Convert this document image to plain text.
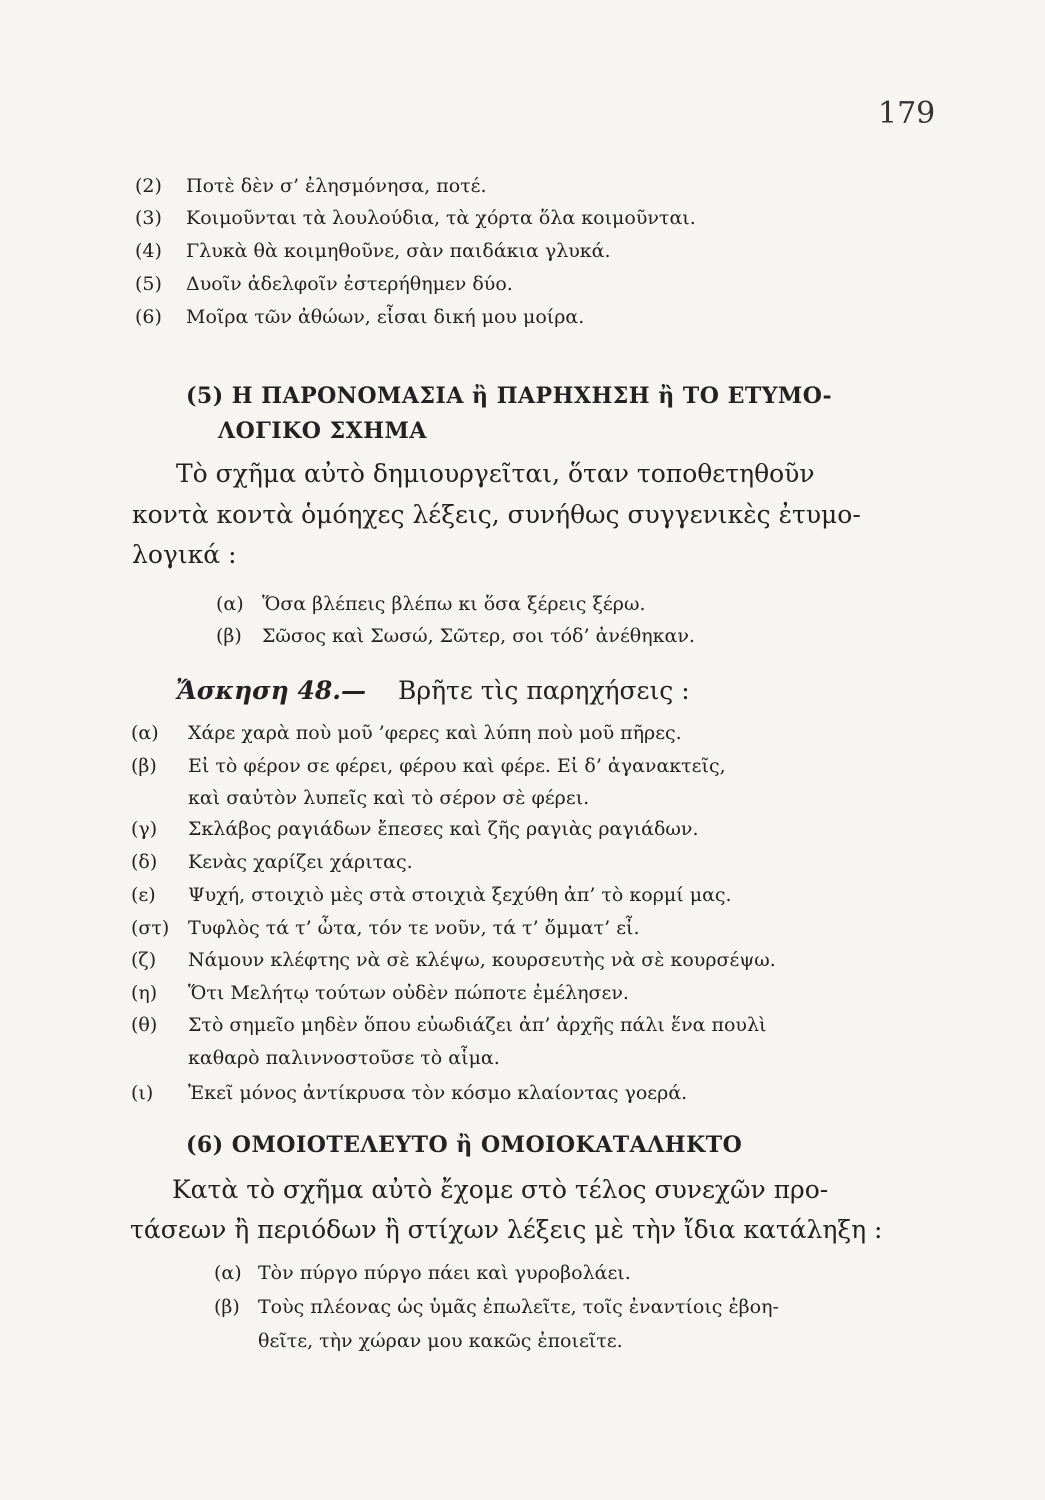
179
(2) Ποτὲ δὲν σ’ ἐλησμόνησα, ποτέ.
(3) Κοιμοῦνται τὰ λουλούδια, τὰ χόρτα ὅλα κοιμοῦνται.
(4) Γλυκὰ θὰ κοιμηθοῦνε, σὰν παιδάκια γλυκά.
(5) Δυοῖν ἀδελφοῖν ἐστερήθημεν δύο.
(6) Μοῖρα τῶν ἀθώων, εἶσαι δική μου μοίρα.
(5) Η ΠΑΡΟΝΟΜΑΣΙΑ ἢ ΠΑΡΗΧΗΣΗ ἢ ΤΟ ΕΤΥΜΟ-
ΛΟΓΙΚΟ ΣΧΗΜΑ
Τὸ σχῆμα αὐτὸ δημιουργεῖται, ὅταν τοποθετηθοῦν
κοντὰ κοντὰ ὁμόηχες λέξεις, συνήθως συγγενικὲς ἐτυμο-
λογικά :
(α) Ὅσα βλέπεις βλέπω κι ὅσα ξέρεις ξέρω.
(β) Σῶσος καὶ Σωσώ, Σῶτερ, σοι τόδ’ ἀνέθηκαν.
Ἄσκηση 48.— Βρῆτε τὶς παρηχήσεις :
(α) Χάρε χαρὰ ποὺ μοῦ ’φερες καὶ λύπη ποὺ μοῦ πῆρες.
(β) Εἰ τὸ φέρον σε φέρει, φέρου καὶ φέρε. Εἰ δ’ ἀγανακτεῖς,
καὶ σαὐτὸν λυπεῖς καὶ τὸ σέρον σὲ φέρει.
(γ) Σκλάβος ραγιάδων ἔπεσες καὶ ζῆς ραγιὰς ραγιάδων.
(δ) Κενὰς χαρίζει χάριτας.
(ε) Ψυχή, στοιχιὸ μὲς στὰ στοιχιὰ ξεχύθη ἀπ’ τὸ κορμί μας.
(στ) Τυφλὸς τά τ’ ὦτα, τόν τε νοῦν, τά τ’ ὄμματ’ εἶ.
(ζ) Νάμουν κλέφτης νὰ σὲ κλέψω, κουρσευτὴς νὰ σὲ κουρσέψω.
(η) Ὅτι Μελήτῳ τούτων οὐδὲν πώποτε ἐμέλησεν.
(θ) Στὸ σημεῖο μηδὲν ὅπου εὐωδιάζει ἀπ’ ἀρχῆς πάλι ἕνα πουλὶ
καθαρὸ παλιννοστοῦσε τὸ αἷμα.
(ι) Ἐκεῖ μόνος ἀντίκρυσα τὸν κόσμο κλαίοντας γοερά.
(6) ΟΜΟΙΟΤΕΛΕΥΤΟ ἢ ΟΜΟΙΟΚΑΤΑΛΗΚΤΟ
Κατὰ τὸ σχῆμα αὐτὸ ἔχομε στὸ τέλος συνεχῶν προ-
τάσεων ἢ περιόδων ἢ στίχων λέξεις μὲ τὴν ἴδια κατάληξη :
(α) Τὸν πύργο πύργο πάει καὶ γυροβολάει.
(β) Τοὺς πλέονας ὡς ὑμᾶς ἐπωλεῖτε, τοῖς ἐναντίοις ἐβοη-
θεῖτε, τὴν χώραν μου κακῶς ἐποιεῖτε.
